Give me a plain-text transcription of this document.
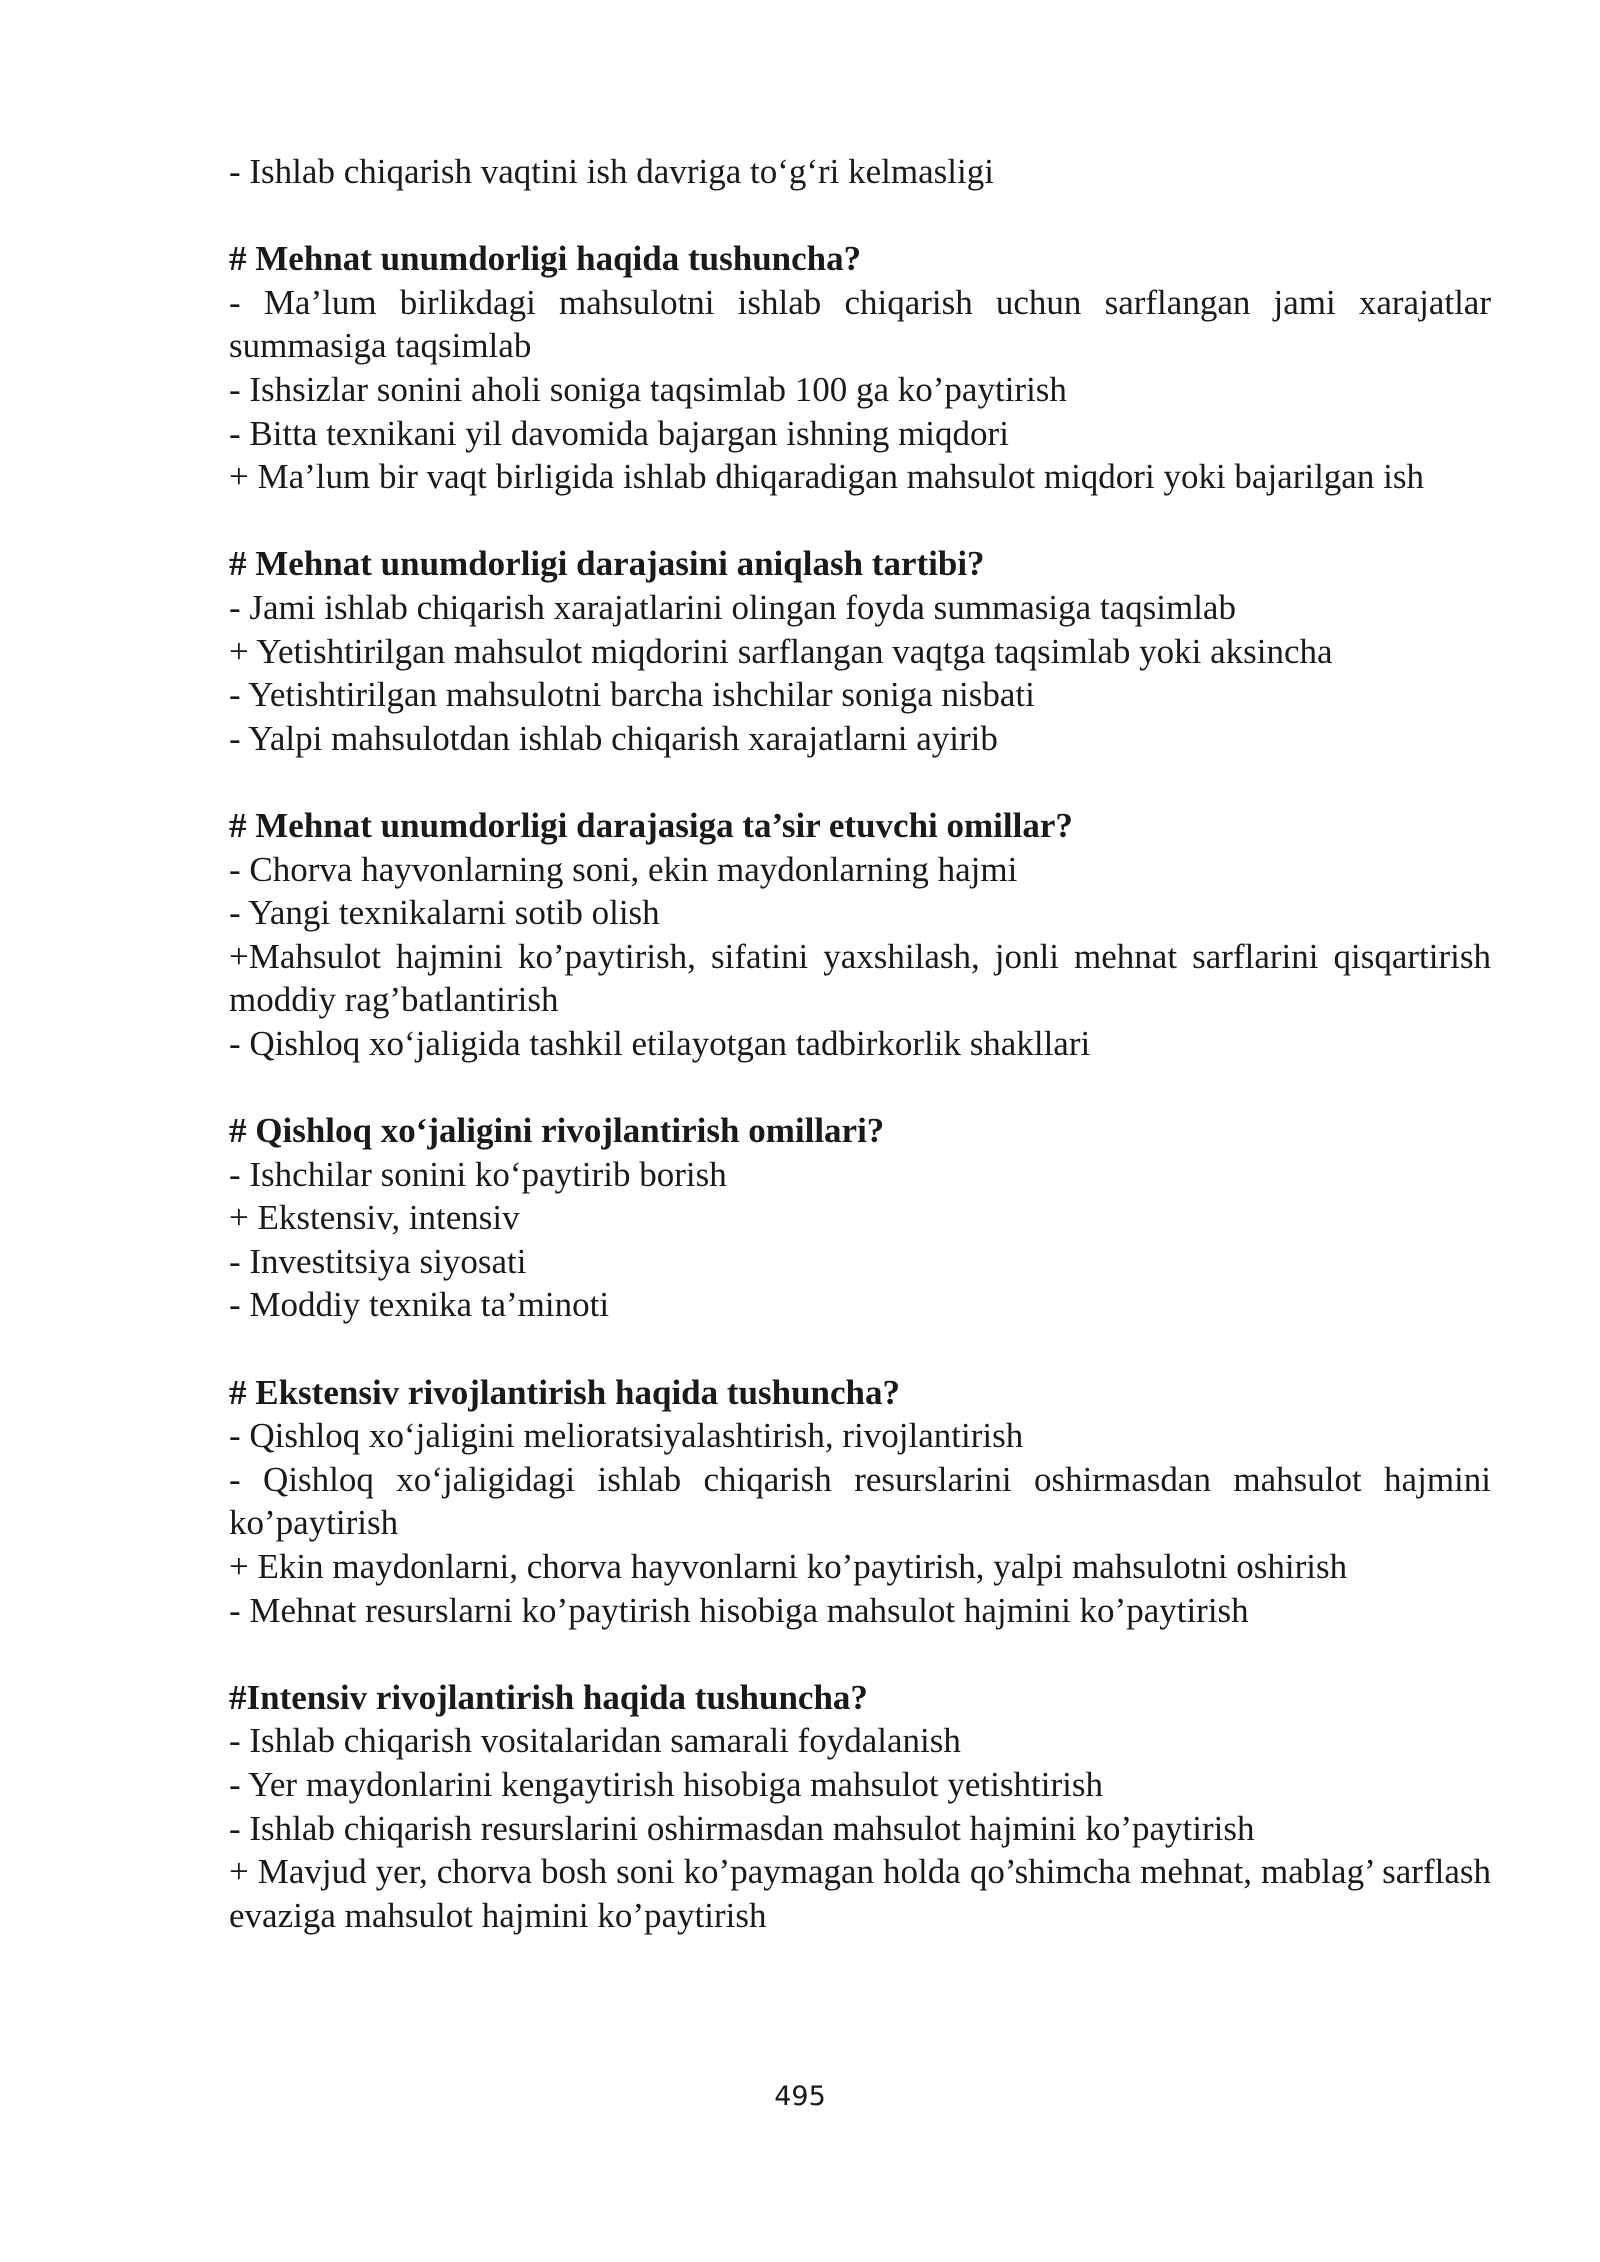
- Ishlab chiqarish vaqtini ish davriga to‘g‘ri kelmasligi
# Mehnat unumdorligi haqida tushuncha?
- Ma’lum birlikdagi mahsulotni ishlab chiqarish uchun sarflangan jami xarajatlar summasiga taqsimlab
- Ishsizlar sonini aholi soniga taqsimlab 100 ga ko’paytirish
- Bitta texnikani yil davomida bajargan ishning miqdori
+ Ma’lum bir vaqt birligida ishlab dhiqaradigan mahsulot miqdori yoki bajarilgan ish
# Mehnat unumdorligi darajasini aniqlash tartibi?
- Jami ishlab chiqarish xarajatlarini olingan foyda summasiga taqsimlab
+ Yetishtirilgan mahsulot miqdorini sarflangan vaqtga taqsimlab yoki aksincha
- Yetishtirilgan mahsulotni barcha ishchilar soniga nisbati
- Yalpi mahsulotdan ishlab chiqarish xarajatlarni ayirib
# Mehnat unumdorligi darajasiga ta’sir etuvchi omillar?
- Chorva hayvonlarning soni, ekin maydonlarning hajmi
- Yangi texnikalarni sotib olish
+Mahsulot hajmini ko’paytirish, sifatini yaxshilash, jonli mehnat sarflarini qisqartirish moddiy rag’batlantirish
- Qishloq xo‘jaligida tashkil etilayotgan tadbirkorlik shakllari
# Qishloq xo‘jaligini rivojlantirish omillari?
- Ishchilar sonini ko‘paytirib borish
+ Ekstensiv, intensiv
- Investitsiya siyosati
- Moddiy texnika ta’minoti
# Ekstensiv rivojlantirish haqida tushuncha?
- Qishloq xo‘jaligini melioratsiyalashtirish, rivojlantirish
- Qishloq xo‘jaligidagi ishlab chiqarish resurslarini oshirmasdan mahsulot hajmini ko’paytirish
+ Ekin maydonlarni, chorva hayvonlarni ko’paytirish, yalpi mahsulotni oshirish
- Mehnat resurslarni ko’paytirish hisobiga mahsulot hajmini ko’paytirish
#Intensiv rivojlantirish haqida tushuncha?
- Ishlab chiqarish vositalaridan samarali foydalanish
- Yer maydonlarini kengaytirish hisobiga mahsulot yetishtirish
- Ishlab chiqarish resurslarini oshirmasdan mahsulot hajmini ko’paytirish
+ Mavjud yer, chorva bosh soni ko’paymagan holda qo’shimcha mehnat, mablag’ sarflash evaziga mahsulot hajmini ko’paytirish
495
